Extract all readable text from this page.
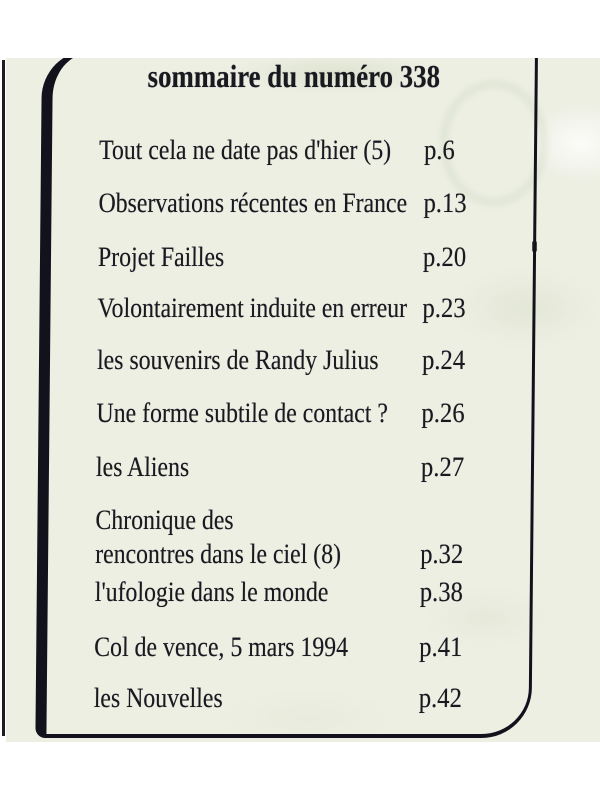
sommaire du numéro 338
Tout cela ne date pas d'hier (5) p.6
Observations récentes en France p.13
Projet Failles	p.20
Volontairement induite en erreur p.23
les souvenirs de Randy Julius p.24
Une forme subtile de contact ? p.26
les Aliens	p.27
Chronique des
rencontres dans le ciel (8)	p.32
l'ufologie dans le monde	p.38
Col de vence, 5 mars 1994	p.41
les Nouvelles	p.42
